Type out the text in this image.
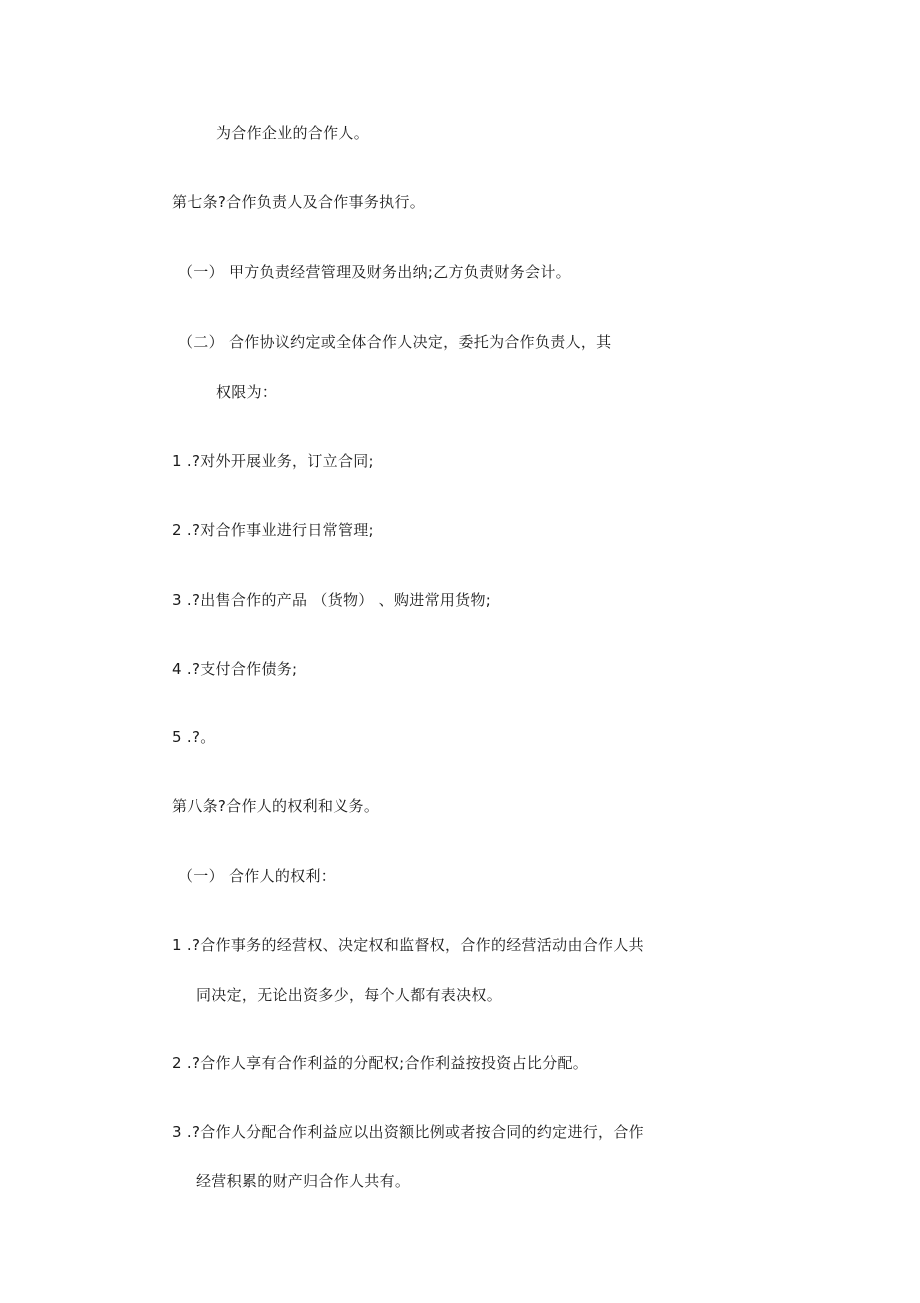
为合作企业的合作人。
第七条?合作负责人及合作事务执行。
（一） 甲方负责经营管理及财务出纳;乙方负责财务会计。
（二） 合作协议约定或全体合作人决定，委托为合作负责人，其
权限为：
1 .?对外开展业务，订立合同;
2 .?对合作事业进行日常管理;
3 .?出售合作的产品 （货物） 、购进常用货物;
4 .?支付合作债务;
5 .?。
第八条?合作人的权利和义务。
（一） 合作人的权利：
1 .?合作事务的经营权、决定权和监督权，合作的经营活动由合作人共
同决定，无论出资多少，每个人都有表决权。
2 .?合作人享有合作利益的分配权;合作利益按投资占比分配。
3 .?合作人分配合作利益应以出资额比例或者按合同的约定进行，合作
经营积累的财产归合作人共有。
